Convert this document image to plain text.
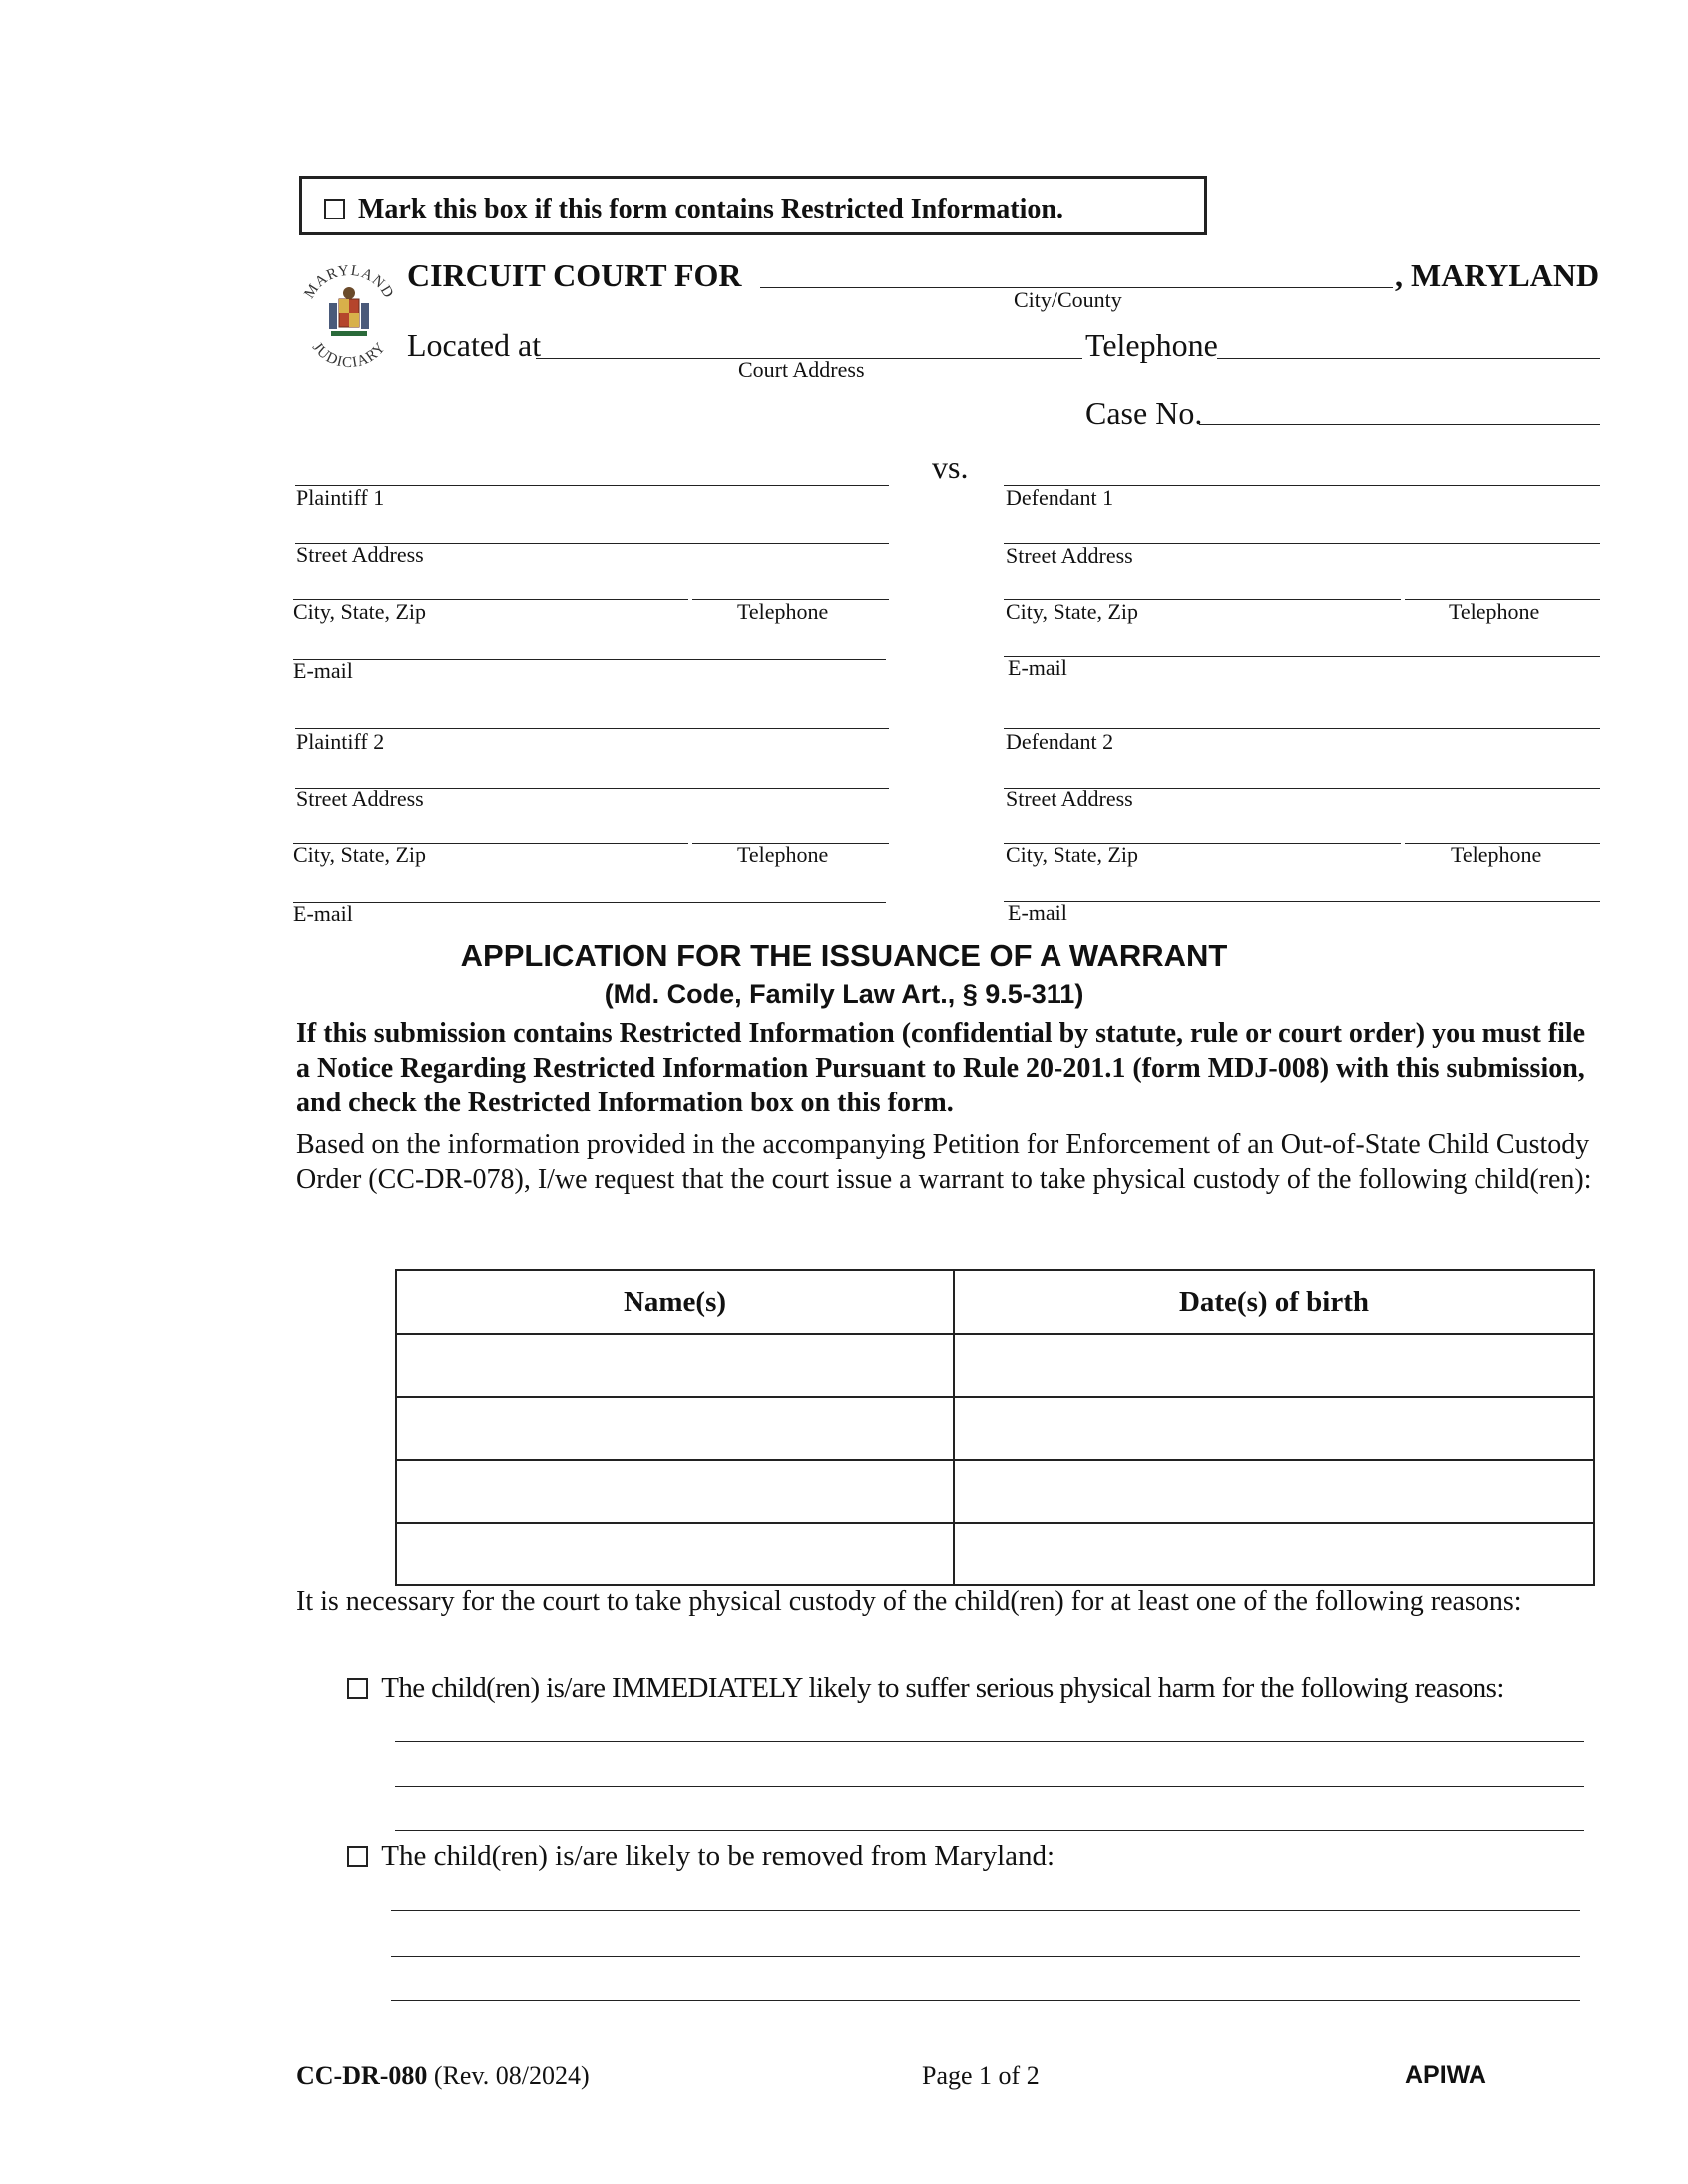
Mark this box if this form contains Restricted Information.
MARYLAND
JUDICIARY
CIRCUIT COURT FOR	, MARYLAND
City/County
Located at
Court Address
Telephone
Case No.
vs.
Plaintiff 1
Street Address
City, State, Zip	Telephone
E-mail
Plaintiff 2
Street Address
City, State, Zip	Telephone
E-mail
Defendant 1
Street Address
City, State, Zip	Telephone
E-mail
Defendant 2
Street Address
City, State, Zip	Telephone
E-mail
APPLICATION FOR THE ISSUANCE OF A WARRANT
(Md. Code, Family Law Art., § 9.5-311)
If this submission contains Restricted Information (confidential by statute, rule or court order) you must file a Notice Regarding Restricted Information Pursuant to Rule 20-201.1 (form MDJ-008) with this submission, and check the Restricted Information box on this form.
Based on the information provided in the accompanying Petition for Enforcement of an Out-of-State Child Custody Order (CC-DR-078), I/we request that the court issue a warrant to take physical custody of the following child(ren):
Name(s)	Date(s) of birth

It is necessary for the court to take physical custody of the child(ren) for at least one of the following reasons:
The child(ren) is/are IMMEDIATELY likely to suffer serious physical harm for the following reasons:
The child(ren) is/are likely to be removed from Maryland:
CC-DR-080 (Rev. 08/2024)	Page 1 of 2	APIWA
